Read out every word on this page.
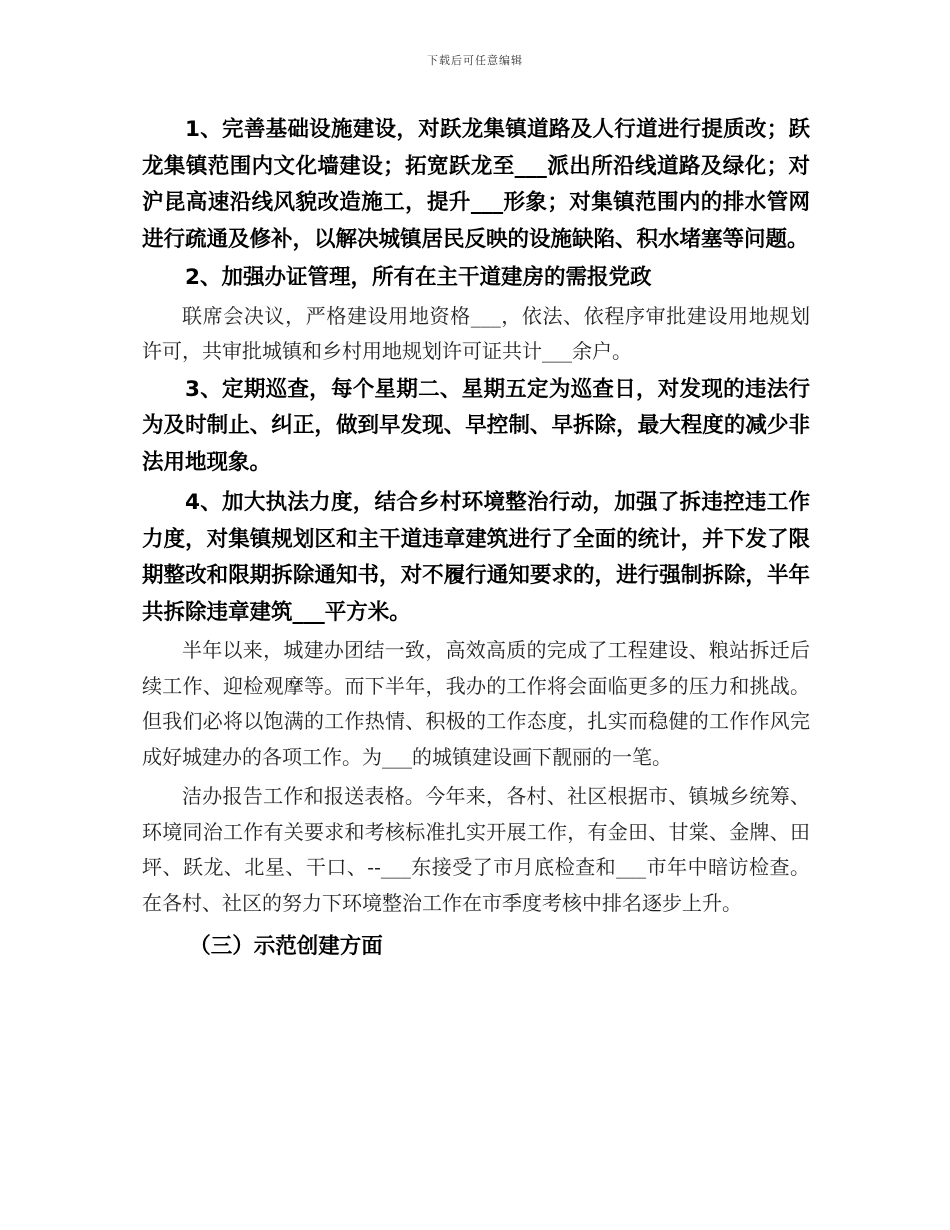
下载后可任意编辑

1、完善基础设施建设，对跃龙集镇道路及人行道进行提质改；跃龙集镇范围内文化墙建设；拓宽跃龙至___派出所沿线道路及绿化；对沪昆高速沿线风貌改造施工，提升___形象；对集镇范围内的排水管网进行疏通及修补，以解决城镇居民反映的设施缺陷、积水堵塞等问题。

2、加强办证管理，所有在主干道建房的需报党政

联席会决议，严格建设用地资格___，依法、依程序审批建设用地规划许可，共审批城镇和乡村用地规划许可证共计___余户。

3、定期巡查，每个星期二、星期五定为巡查日，对发现的违法行为及时制止、纠正，做到早发现、早控制、早拆除，最大程度的减少非法用地现象。

4、加大执法力度，结合乡村环境整治行动，加强了拆违控违工作力度，对集镇规划区和主干道违章建筑进行了全面的统计，并下发了限期整改和限期拆除通知书，对不履行通知要求的，进行强制拆除，半年共拆除违章建筑___平方米。

半年以来，城建办团结一致，高效高质的完成了工程建设、粮站拆迁后续工作、迎检观摩等。而下半年，我办的工作将会面临更多的压力和挑战。但我们必将以饱满的工作热情、积极的工作态度，扎实而稳健的工作作风完成好城建办的各项工作。为___的城镇建设画下靓丽的一笔。

洁办报告工作和报送表格。今年来，各村、社区根据市、镇城乡统筹、环境同治工作有关要求和考核标准扎实开展工作，有金田、甘棠、金牌、田坪、跃龙、北星、干口、--___东接受了市月底检查和___市年中暗访检查。在各村、社区的努力下环境整治工作在市季度考核中排名逐步上升。

（三）示范创建方面
